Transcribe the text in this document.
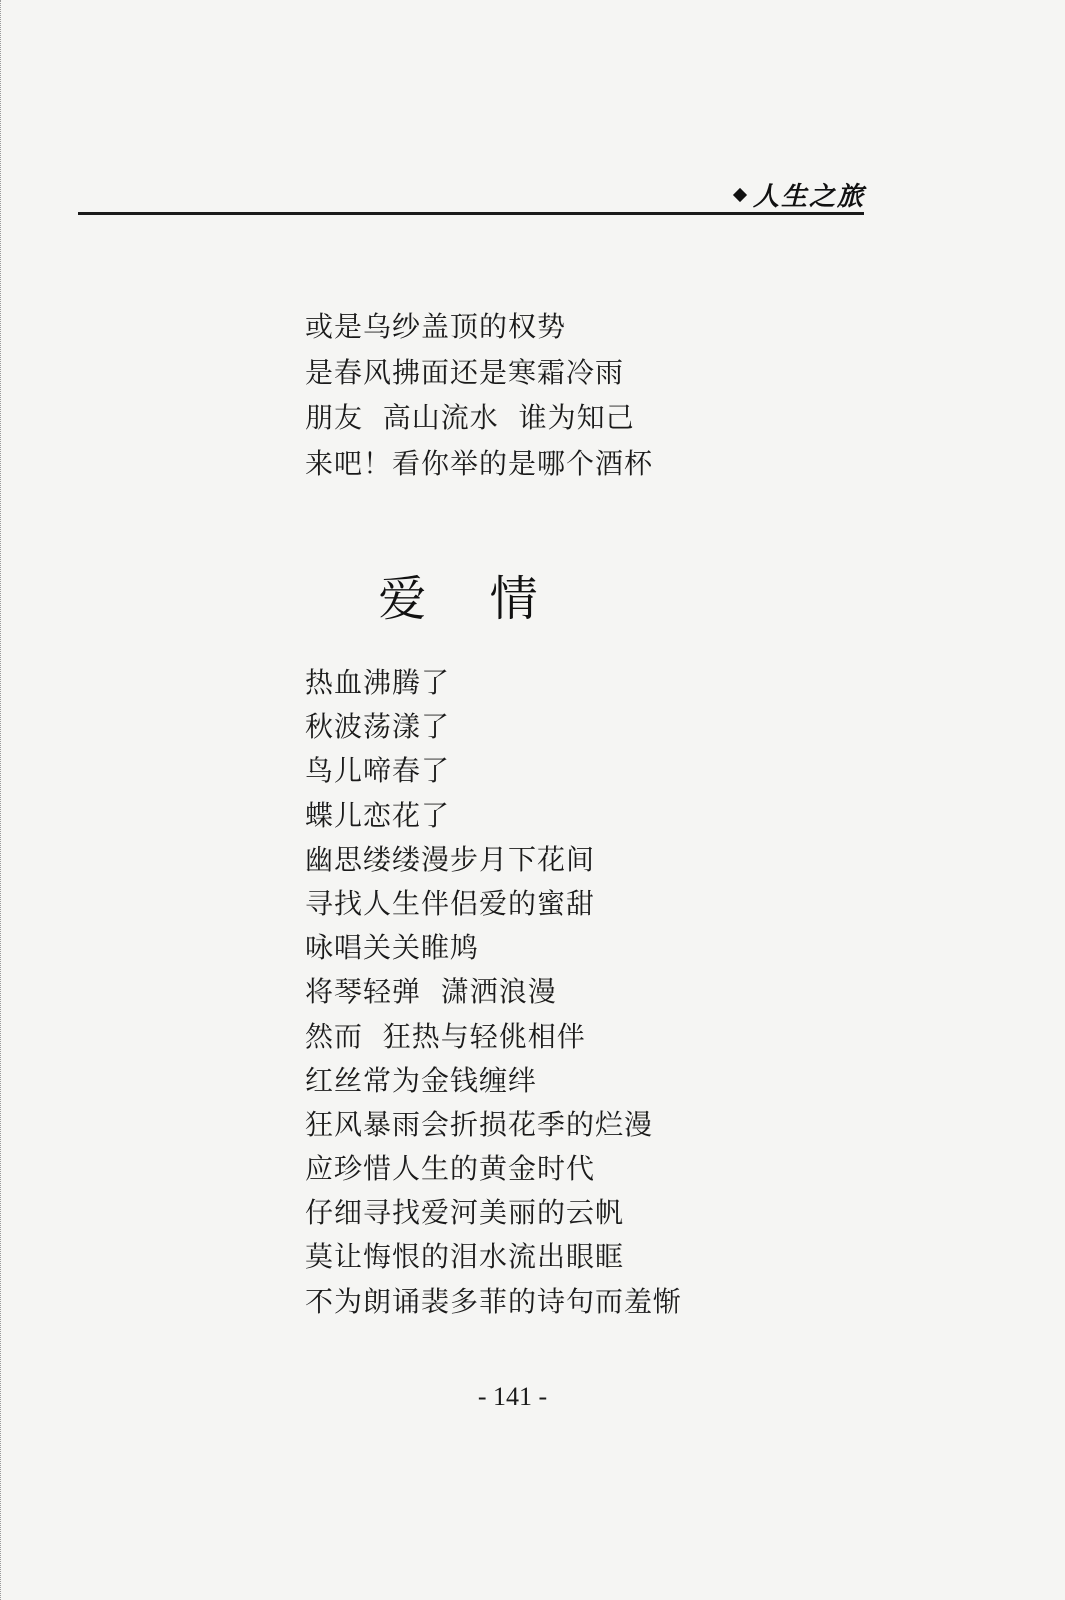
人生之旅
或是乌纱盖顶的权势
是春风拂面还是寒霜冷雨
朋友  高山流水  谁为知己
来吧！看你举的是哪个酒杯
爱 情
热血沸腾了
秋波荡漾了
鸟儿啼春了
蝶儿恋花了
幽思缕缕漫步月下花间
寻找人生伴侣爱的蜜甜
咏唱关关睢鸠
将琴轻弹  潇洒浪漫
然而  狂热与轻佻相伴
红丝常为金钱缠绊
狂风暴雨会折损花季的烂漫
应珍惜人生的黄金时代
仔细寻找爱河美丽的云帆
莫让悔恨的泪水流出眼眶
不为朗诵裴多菲的诗句而羞惭
- 141 -
